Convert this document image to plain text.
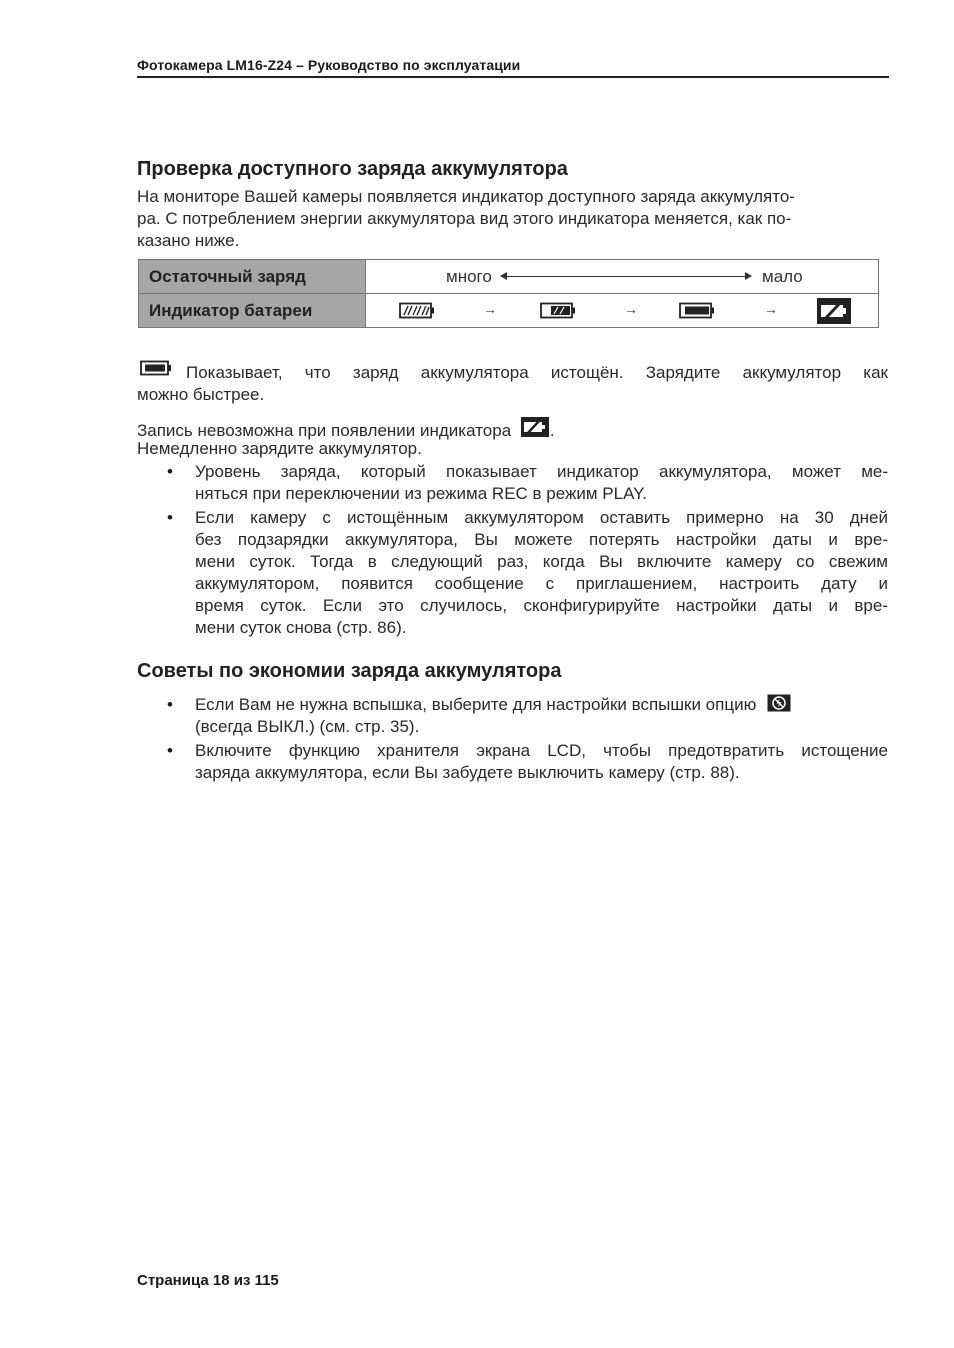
Фотокамера LM16-Z24 – Руководство по эксплуатации
Проверка доступного заряда аккумулятора
На мониторе Вашей камеры появляется индикатор доступного заряда аккумулято-
ра. С потреблением энергии аккумулятора вид этого индикатора меняется, как по-
казано ниже.
Остаточный заряд	много мало

Индикатор батареи	→ → →
Показывает, что заряд аккумулятора истощён. Зарядите аккумулятор как
можно быстрее.
Запись невозможна при появлении индикатора .
Немедленно зарядите аккумулятор.
• Уровень заряда, который показывает индикатор аккумулятора, может ме-
няться при переключении из режима REC в режим PLAY.
• Если камеру с истощённым аккумулятором оставить примерно на 30 дней
без подзарядки аккумулятора, Вы можете потерять настройки даты и вре-
мени суток. Тогда в следующий раз, когда Вы включите камеру со свежим
аккумулятором, появится сообщение с приглашением, настроить дату и
время суток. Если это случилось, сконфигурируйте настройки даты и вре-
мени суток снова (стр. 86).
Советы по экономии заряда аккумулятора
• Если Вам не нужна вспышка, выберите для настройки вспышки опцию
(всегда ВЫКЛ.) (см. стр. 35).
• Включите функцию хранителя экрана LCD, чтобы предотвратить истощение
заряда аккумулятора, если Вы забудете выключить камеру (стр. 88).
Страница 18 из 115
